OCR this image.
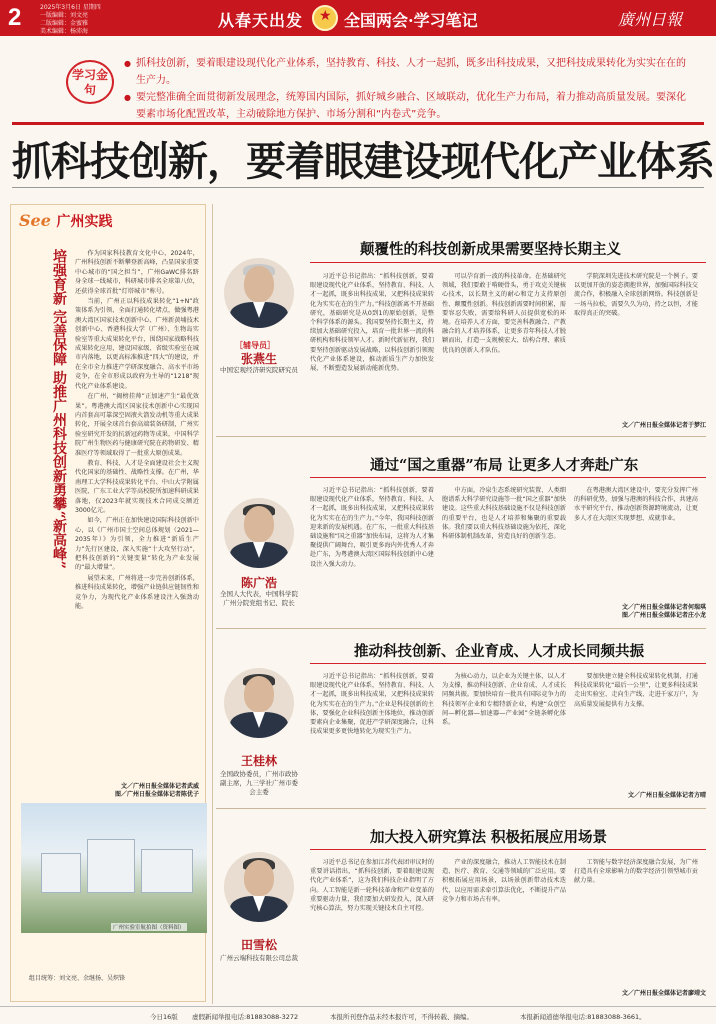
2	2025年3月6日 星期四
一版编辑：刘文亮
二版编辑：金蜜雅
美术编辑：杨沛海
从春天出发
★	全国两会·学习笔记	廣州日報
学习金句
● 抓科技创新，要着眼建设现代化产业体系，坚持教育、科技、人才一起抓，既多出科技成果，又把科技成果转化为实实在在的生产力。
● 要完整准确全面贯彻新发展理念，统筹国内国际，抓好城乡融合、区域联动，优化生产力布局，着力推动高质量发展。要深化要素市场化配置改革，主动破除地方保护、市场分割和“内卷式”竞争。
抓科技创新，要着眼建设现代化产业体系
See 广州实践
培强育新 完善保障 助推广州科技创新勇攀“新高峰”	作为国家科技教育文化中心，2024年，广州科技创新不断攀登新高峰，凸显国家重要中心城市的“国之担当”，广州GaWC排名跻身全球一线城市，科研城市排名全球第八位，还获得全球首批“灯塔城市”称号。

当前，广州正以科技成果转化“1+N”政策体系为引领，全面打通转化堵点，做强粤港澳大湾区国家技术创新中心、广州新黄埔技术创新中心、香港科技大学（广州）、生物岛实验室等重大成果转化平台，围绕国家战略科技成果转化应用，建设国家级、省级实验室在城市内落地，以更高标准推进“四大”的建设，并在全市全力推进产学研深度融合、高水平市场竞争，在全市形成以政府为主导的“1218”现代化产业体系建设。

在广州，“揭榜挂帅”正加速产生“最优效果”。粤港澳大湾区国家技术创新中心实现国内首套高可靠深空固液火箭发动机等重大成果转化，开展全球首台套高端装备研制，广州实验室研究开发的抗新冠药物等成果，中国科学院广州生物医药与健康研究院在药物研发、精准医疗等领域取得了一批重大原创成果。

教育、科技、人才是全面建设社会主义现代化国家的基础性、战略性支撑。在广州，华南理工大学科技成果转化平台、中山大学附属医院、广东工业大学等高校院所加速科研成果落地，仅2023年就实现技术合同成交额近3000亿元。

如今，广州正在加快建设国际科技创新中心，以《广州市国土空间总体规划（2021—2035年）》为引领，全力推进“新质生产力”先行区建设，深入实施“十大攻坚行动”，把科技创新的“关键变量”转化为产业发展的“最大增量”。

展望未来，广州将进一步完善创新体系，推进科技成果转化，增强产业链供应链韧性和竞争力，为现代化产业体系建设注入强劲动能。

文／广州日报全媒体记者武威
图／广州日报全媒体记者陈优子
广州实验室航拍图（资料图）
组目统筹：刘文亮、余继扬、吴炽锋
颠覆性的科技创新成果需要坚持长期主义
［辅导员］
张燕生
中国宏观经济研究院研究员

习近平总书记指出：“抓科技创新，要着眼建设现代化产业体系，坚持教育、科技、人才一起抓，既多出科技成果，又把科技成果转化为实实在在的生产力。”科技创新离不开基础研究，基础研究是从0到1的原始创新，是整个科学体系的源头。我国要坚持长期主义，持续加大基础研究投入，培育一批世界一流的科研机构和科技领军人才。新时代新征程，我们要坚持创新驱动发展战略，以科技创新引领现代化产业体系建设，推动新质生产力加快发展，不断塑造发展新动能新优势。

可以孕育新一波的科技革命。在基础研究领域，我们要敢于啃硬骨头，勇于攻克关键核心技术，以长期主义的耐心和定力支持原创性、颠覆性创新。科技创新需要时间积累，需要容忍失败，需要给科研人员提供宽松的环境。在培养人才方面，要完善科教融合、产教融合的人才培养体系，让更多青年科技人才脱颖而出，打造一支规模宏大、结构合理、素质优良的创新人才队伍。

学院深圳先进技术研究院是一个例子。要以更加开放的姿态拥抱世界，加强国际科技交流合作，积极融入全球创新网络。科技创新是一场马拉松，需要久久为功，持之以恒，才能取得真正的突破。

文／广州日报全媒体记者于梦江
通过“国之重器”布局 让更多人才奔赴广东
陈广浩
全国人大代表，中国科学院广州分院党组书记、院长

习近平总书记指出：“抓科技创新，要着眼建设现代化产业体系，坚持教育、科技、人才一起抓，既多出科技成果，又把科技成果转化为实实在在的生产力。”今年，我国科技创新迎来新的发展机遇。在广东，一批重大科技基础设施和“国之重器”加快布局，这将为人才集聚提供广阔舞台，吸引更多海内外优秀人才奔赴广东，为粤港澳大湾区国际科技创新中心建设注入强大动力。

中方面，冷泉生态系统研究装置、人类细胞谱系大科学研究设施等一批“国之重器”加快建设。这些重大科技基础设施不仅是科技创新的重要平台，也是人才培养和集聚的重要载体。我们要以重大科技基础设施为依托，深化科研体制机制改革，营造良好的创新生态。

在粤港澳大湾区建设中，要充分发挥广州的科研优势，加强与港澳的科技合作，共建高水平研究平台，推动创新资源跨境流动，让更多人才在大湾区实现梦想、成就事业。

文／广州日报全媒体记者何瑞琪
图／广州日报全媒体记者庄小龙
推动科技创新、企业育成、人才成长同频共振
王桂林
全国政协委员，广州市政协副主席，九三学社广州市委会主委

习近平总书记指出：“抓科技创新，要着眼建设现代化产业体系，坚持教育、科技、人才一起抓，既多出科技成果，又把科技成果转化为实实在在的生产力。”企业是科技创新的主体，要强化企业科技创新主体地位，推动创新要素向企业集聚，促进产学研深度融合，让科技成果更多更快地转化为现实生产力。

为核心动力，以企业为关键主体，以人才为支撑，推动科技创新、企业育成、人才成长同频共振。要加快培育一批具有国际竞争力的科技领军企业和专精特新企业，构建“众创空间—孵化器—加速器—产业园”全链条孵化体系。

要加快建立健全科技成果转化机制，打通科技成果转化“最后一公里”，让更多科技成果走出实验室、走向生产线、走进千家万户，为高质量发展提供有力支撑。

文／广州日报全媒体记者方晴
加大投入研究算法 积极拓展应用场景
田雪松
广州云端科技有限公司总裁

习近平总书记在参加江苏代表团审议时的重要讲话指出，“抓科技创新，要着眼建设现代化产业体系”，这为我们科技企业指明了方向。人工智能是新一轮科技革命和产业变革的重要驱动力量，我们要加大研发投入，深入研究核心算法，努力实现关键技术自主可控。

产业的深度融合，推动人工智能技术在制造、医疗、教育、交通等领域的广泛应用。要积极拓展应用场景，以场景创新带动技术迭代，以应用需求牵引算法优化，不断提升产品竞争力和市场占有率。

工智能与数字经济深度融合发展，为广州打造具有全球影响力的数字经济引领型城市贡献力量。

文／广州日报全媒体记者廖靖文
今日16版 虚假新闻举报电话:81883088-3272	本报所刊登作品未经本报许可，不得转载、摘编。	本报新闻道德举报电话:81883088-3661。
